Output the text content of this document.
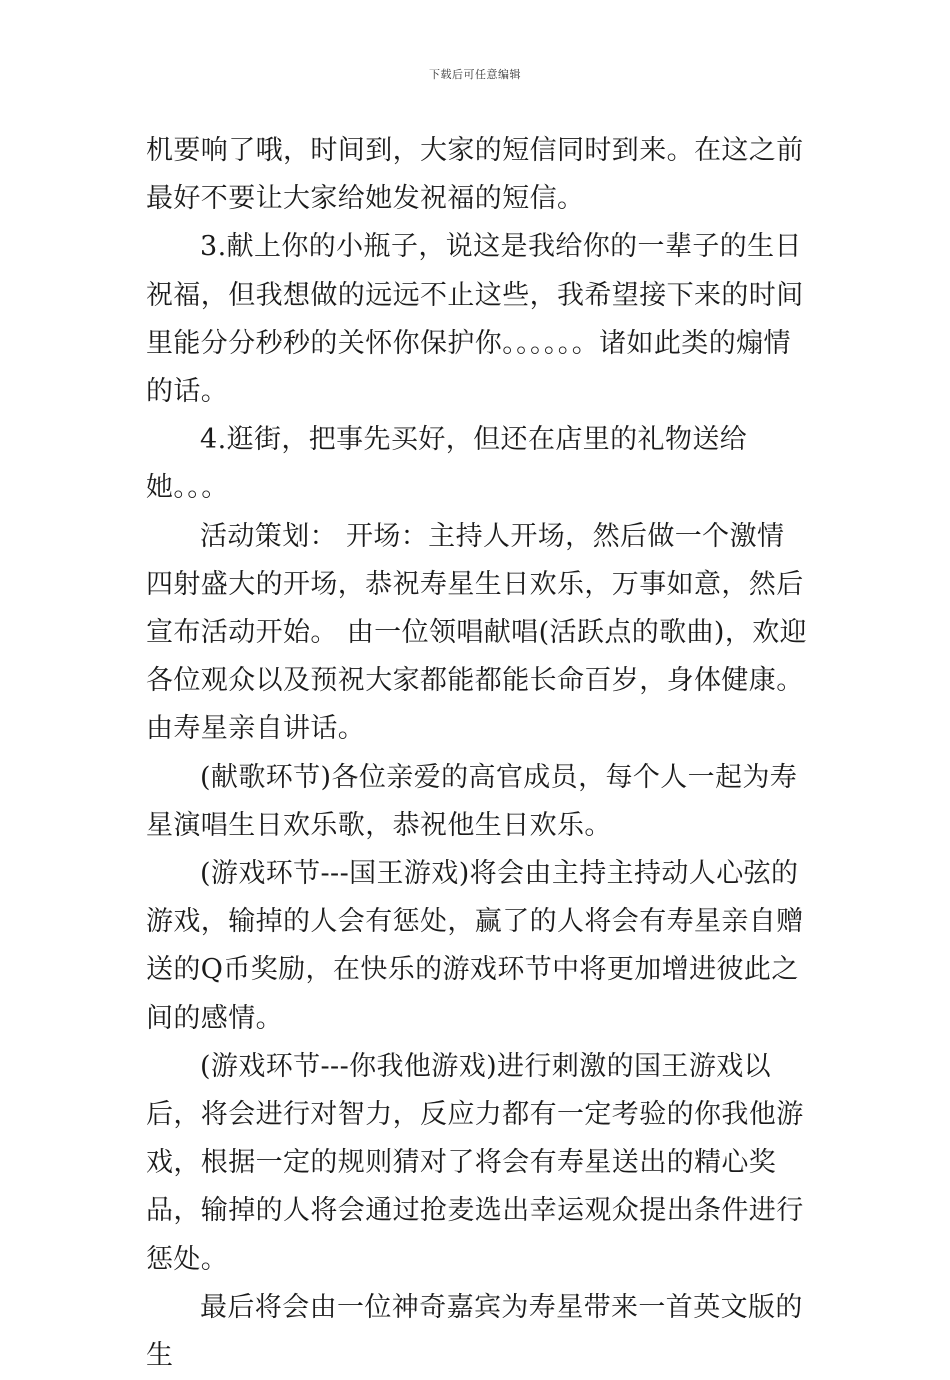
下载后可任意编辑

机要响了哦，时间到，大家的短信同时到来。在这之前最好不要让大家给她发祝福的短信。

3.献上你的小瓶子，说这是我给你的一辈子的生日祝福，但我想做的远远不止这些，我希望接下来的时间里能分分秒秒的关怀你保护你。。。。。。诸如此类的煽情的话。

4.逛街，把事先买好，但还在店里的礼物送给她。。。

活动策划： 开场：主持人开场，然后做一个激情四射盛大的开场，恭祝寿星生日欢乐，万事如意，然后宣布活动开始。 由一位领唱献唱(活跃点的歌曲)，欢迎各位观众以及预祝大家都能都能长命百岁，身体健康。 由寿星亲自讲话。

(献歌环节)各位亲爱的高官成员，每个人一起为寿星演唱生日欢乐歌，恭祝他生日欢乐。

(游戏环节---国王游戏)将会由主持主持动人心弦的游戏，输掉的人会有惩处，赢了的人将会有寿星亲自赠送的Q币奖励，在快乐的游戏环节中将更加增进彼此之间的感情。

(游戏环节---你我他游戏)进行刺激的国王游戏以后，将会进行对智力，反应力都有一定考验的你我他游戏，根据一定的规则猜对了将会有寿星送出的精心奖品，输掉的人将会通过抢麦选出幸运观众提出条件进行惩处。

最后将会由一位神奇嘉宾为寿星带来一首英文版的生
